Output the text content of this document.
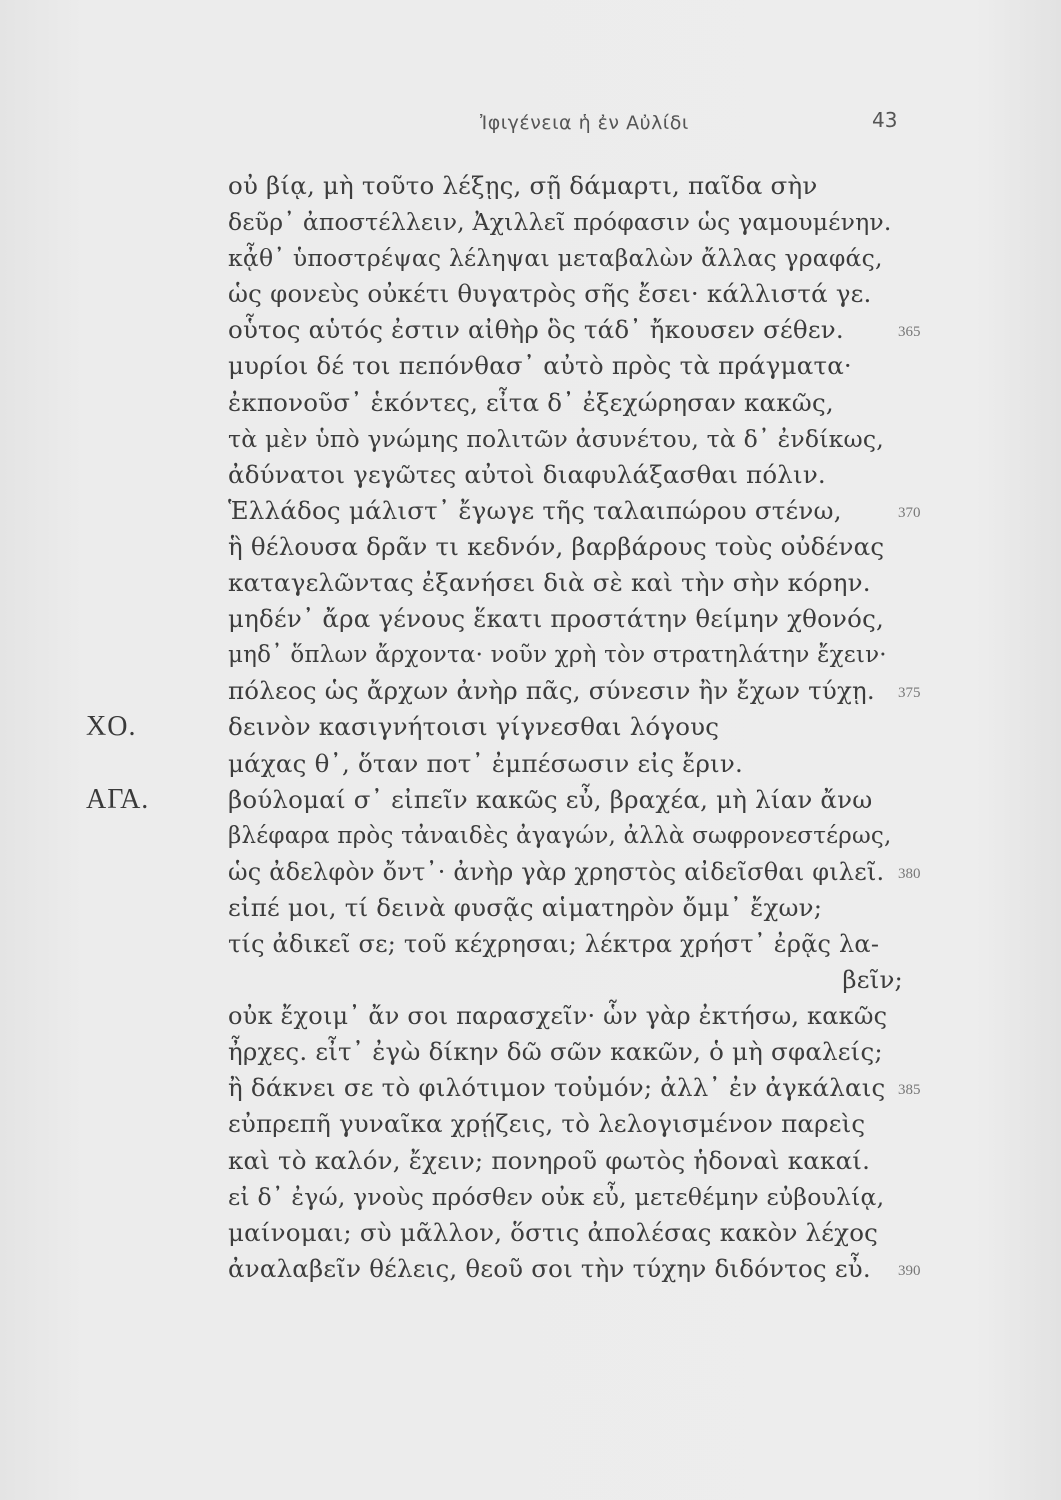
Ἰφιγένεια ἡ ἐν Αὐλίδι	43
οὐ βίᾳ, μὴ τοῦτο λέξῃς, σῇ δάμαρτι, παῖδα σὴν
δεῦρ᾽ ἀποστέλλειν, Ἀχιλλεῖ πρόφασιν ὡς γαμουμένην.
κᾆθ᾽ ὑποστρέψας λέληψαι μεταβαλὼν ἄλλας γραφάς,
ὡς φονεὺς οὐκέτι θυγατρὸς σῆς ἔσει· κάλλιστά γε.
οὗτος αὑτός ἐστιν αἰθὴρ ὃς τάδ᾽ ἤκουσεν σέθεν.	365
μυρίοι δέ τοι πεπόνθασ᾽ αὐτὸ πρὸς τὰ πράγματα·
ἐκπονοῦσ᾽ ἑκόντες, εἶτα δ᾽ ἐξεχώρησαν κακῶς,
τὰ μὲν ὑπὸ γνώμης πολιτῶν ἀσυνέτου, τὰ δ᾽ ἐνδίκως,
ἀδύνατοι γεγῶτες αὐτοὶ διαφυλάξασθαι πόλιν.
Ἑλλάδος μάλιστ᾽ ἔγωγε τῆς ταλαιπώρου στένω,	370
ἣ θέλουσα δρᾶν τι κεδνόν, βαρβάρους τοὺς οὐδένας
καταγελῶντας ἐξανήσει διὰ σὲ καὶ τὴν σὴν κόρην.
μηδέν᾽ ἄρα γένους ἕκατι προστάτην θείμην χθονός,
μηδ᾽ ὅπλων ἄρχοντα· νοῦν χρὴ τὸν στρατηλάτην ἔχειν·
πόλεος ὡς ἄρχων ἀνὴρ πᾶς, σύνεσιν ἢν ἔχων τύχῃ. 375
ΧΟ.	δεινὸν κασιγνήτοισι γίγνεσθαι λόγους
μάχας θ᾽, ὅταν ποτ᾽ ἐμπέσωσιν εἰς ἔριν.
ΑΓΑ.	βούλομαί σ᾽ εἰπεῖν κακῶς εὖ, βραχέα, μὴ λίαν ἄνω
βλέφαρα πρὸς τἀναιδὲς ἀγαγών, ἀλλὰ σωφρονεστέρως,
ὡς ἀδελφὸν ὄντ᾽· ἀνὴρ γὰρ χρηστὸς αἰδεῖσθαι φιλεῖ. 380
εἰπέ μοι, τί δεινὰ φυσᾷς αἱματηρὸν ὄμμ᾽ ἔχων;
τίς ἀδικεῖ σε; τοῦ κέχρησαι; λέκτρα χρήστ᾽ ἐρᾷς λα-
βεῖν;
οὐκ ἔχοιμ᾽ ἄν σοι παρασχεῖν· ὧν γὰρ ἐκτήσω, κακῶς
ἦρχες. εἶτ᾽ ἐγὼ δίκην δῶ σῶν κακῶν, ὁ μὴ σφαλείς;
ἢ δάκνει σε τὸ φιλότιμον τοὐμόν; ἀλλ᾽ ἐν ἀγκάλαις 385
εὐπρεπῆ γυναῖκα χρῄζεις, τὸ λελογισμένον παρεὶς
καὶ τὸ καλόν, ἔχειν; πονηροῦ φωτὸς ἡδοναὶ κακαί.
εἰ δ᾽ ἐγώ, γνοὺς πρόσθεν οὐκ εὖ, μετεθέμην εὐβουλίᾳ,
μαίνομαι; σὺ μᾶλλον, ὅστις ἀπολέσας κακὸν λέχος
ἀναλαβεῖν θέλεις, θεοῦ σοι τὴν τύχην διδόντος εὖ. 390
